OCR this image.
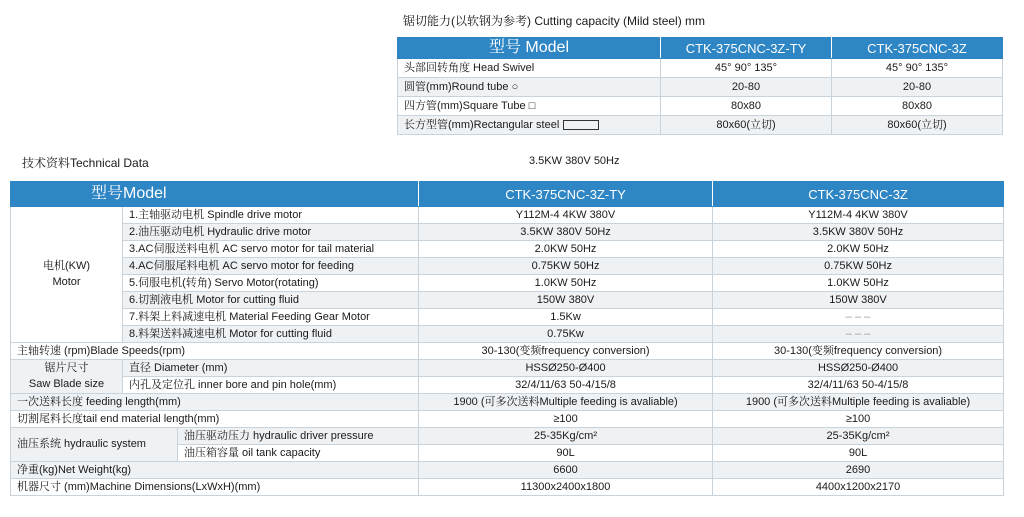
锯切能力(以软钢为参考) Cutting capacity (Mild steel) mm
型号 Model	CTK-375CNC-3Z-TY	CTK-375CNC-3Z
头部回转角度 Head Swivel	45° 90° 135°	45° 90° 135°
圆管(mm)Round tube ○	20-80	20-80
四方管(mm)Square Tube □	80x80	80x80
长方型管(mm)Rectangular steel	80x60(立切)	80x60(立切)
技术资料Technical Data	3.5KW 380V 50Hz
型号Model			CTK-375CNC-3Z-TY	CTK-375CNC-3Z
电机(KW)
Motor	1.主轴驱动电机 Spindle drive motor		Y112M-4 4KW 380V	Y112M-4 4KW 380V
	2.油压驱动电机 Hydraulic drive motor		3.5KW 380V 50Hz	3.5KW 380V 50Hz
	3.AC伺服送料电机 AC servo motor for tail material		2.0KW 50Hz	2.0KW 50Hz
	4.AC伺服尾料电机 AC servo motor for feeding		0.75KW 50Hz	0.75KW 50Hz
	5.伺服电机(转角) Servo Motor(rotating)		1.0KW 50Hz	1.0KW 50Hz
	6.切割液电机 Motor for cutting fluid		150W 380V	150W 380V
	7.料架上料减速电机 Material Feeding Gear Motor		1.5Kw	– – –
	8.料架送料减速电机 Motor for cutting fluid		0.75Kw	– – –
主轴转速 (rpm)Blade Speeds(rpm)			30-130(变频frequency conversion)	30-130(变频frequency conversion)
锯片尺寸
Saw Blade size	直径 Diameter (mm)		HSSØ250-Ø400	HSSØ250-Ø400
	内孔及定位孔 inner bore and pin hole(mm)		32/4/11/63 50-4/15/8	32/4/11/63 50-4/15/8
一次送料长度 feeding length(mm)			1900 (可多次送料Multiple feeding is avaliable)	1900 (可多次送料Multiple feeding is avaliable)
切割尾料长度tail end material length(mm)			≥100	≥100
油压系统 hydraulic system		油压驱动压力 hydraulic driver pressure	25-35Kg/cm²	25-35Kg/cm²
		油压箱容量 oil tank capacity	90L	90L
净重(kg)Net Weight(kg)			6600	2690
机器尺寸 (mm)Machine Dimensions(LxWxH)(mm)			11300x2400x1800	4400x1200x2170
